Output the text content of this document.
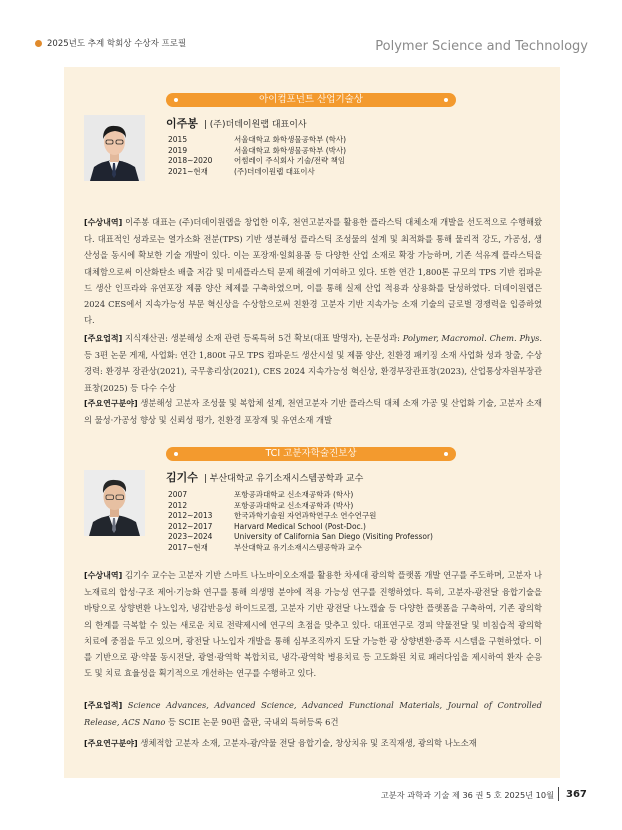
2025년도 추계 학회상 수상자 프로필	Polymer Science and Technology
아이컴포넌트 산업기술상
이주봉 | (주)더데이원랩 대표이사
2015	서울대학교 화학생물공학부 (학사)
2019	서울대학교 화학생물공학부 (박사)
2018~2020	어썸레이 주식회사 기술/전략 책임
2021~현재	(주)더데이원랩 대표이사
[수상내역] 이주봉 대표는 (주)더데이원랩을 창업한 이후, 천연고분자를 활용한 플라스틱 대체소재 개발을 선도적으로 수행해왔다. 대표적인 성과로는 열가소화 전분(TPS) 기반 생분해성 플라스틱 조성물의 설계 및 최적화를 통해 물리적 강도, 가공성, 생산성을 동시에 확보한 기술 개발이 있다. 이는 포장재·일회용품 등 다양한 산업 소재로 확장 가능하며, 기존 석유계 플라스틱을 대체함으로써 이산화탄소 배출 저감 및 미세플라스틱 문제 해결에 기여하고 있다. 또한 연간 1,800톤 규모의 TPS 기반 컴파운드 생산 인프라와 유연포장 제품 양산 체제를 구축하였으며, 이를 통해 실제 산업 적용과 상용화를 달성하였다. 더데이원랩은 2024 CES에서 지속가능성 부문 혁신상을 수상함으로써 친환경 고분자 기반 지속가능 소재 기술의 글로벌 경쟁력을 입증하였다.
[주요업적] 지식재산권: 생분해성 소재 관련 등록특허 5건 확보(대표 발명자), 논문성과: Polymer, Macromol. Chem. Phys. 등 3편 논문 게재, 사업화: 연간 1,800t 규모 TPS 컴파운드 생산시설 및 제품 양산, 친환경 패키징 소재 사업화 성과 창출, 수상경력: 환경부 장관상(2021), 국무총리상(2021), CES 2024 지속가능성 혁신상, 환경부장관표창(2023), 산업통상자원부장관표창(2025) 등 다수 수상
[주요연구분야] 생분해성 고분자 조성물 및 복합체 설계, 천연고분자 기반 플라스틱 대체 소재 가공 및 산업화 기술, 고분자 소재의 물성·가공성 향상 및 신뢰성 평가, 친환경 포장재 및 유연소재 개발
TCI 고분자학술진보상
김기수 | 부산대학교 유기소재시스템공학과 교수
2007	포항공과대학교 신소재공학과 (학사)
2012	포항공과대학교 신소재공학과 (박사)
2012~2013	한국과학기술원 자연과학연구소 연수연구원
2012~2017	Harvard Medical School (Post-Doc.)
2023~2024	University of California San Diego (Visiting Professor)
2017~현재	부산대학교 유기소재시스템공학과 교수
[수상내역] 김기수 교수는 고분자 기반 스마트 나노바이오소재를 활용한 차세대 광의학 플랫폼 개발 연구를 주도하며, 고분자 나노재료의 합성·구조 제어·기능화 연구를 통해 의생명 분야에 적용 가능성 연구를 진행하였다. 특히, 고분자-광전달 융합기술을 바탕으로 상향변환 나노입자, 냉감반응성 하이드로겔, 고분자 기반 광전달 나노캡슐 등 다양한 플랫폼을 구축하여, 기존 광의학의 한계를 극복할 수 있는 새로운 치료 전략제시에 연구의 초점을 맞추고 있다. 대표연구로 경피 약물전달 및 비침습적 광의학 치료에 중점을 두고 있으며, 광전달 나노입자 개발을 통해 심부조직까지 도달 가능한 광 상향변환·증폭 시스템을 구현하였다. 이를 기반으로 광·약물 동시전달, 광열·광역학 복합치료, 냉각-광역학 병용치료 등 고도화된 치료 패러다임을 제시하여 환자 순응도 및 치료 효율성을 획기적으로 개선하는 연구를 수행하고 있다.
[주요업적] Science Advances, Advanced Science, Advanced Functional Materials, Journal of Controlled Release, ACS Nano 등 SCIE 논문 90편 출판, 국내외 특허등록 6건
[주요연구분야] 생체적합 고분자 소재, 고분자-광/약물 전달 융합기술, 창상치유 및 조직재생, 광의학 나노소재
고분자 과학과 기술 제 36 권 5 호 2025년 10월 367
